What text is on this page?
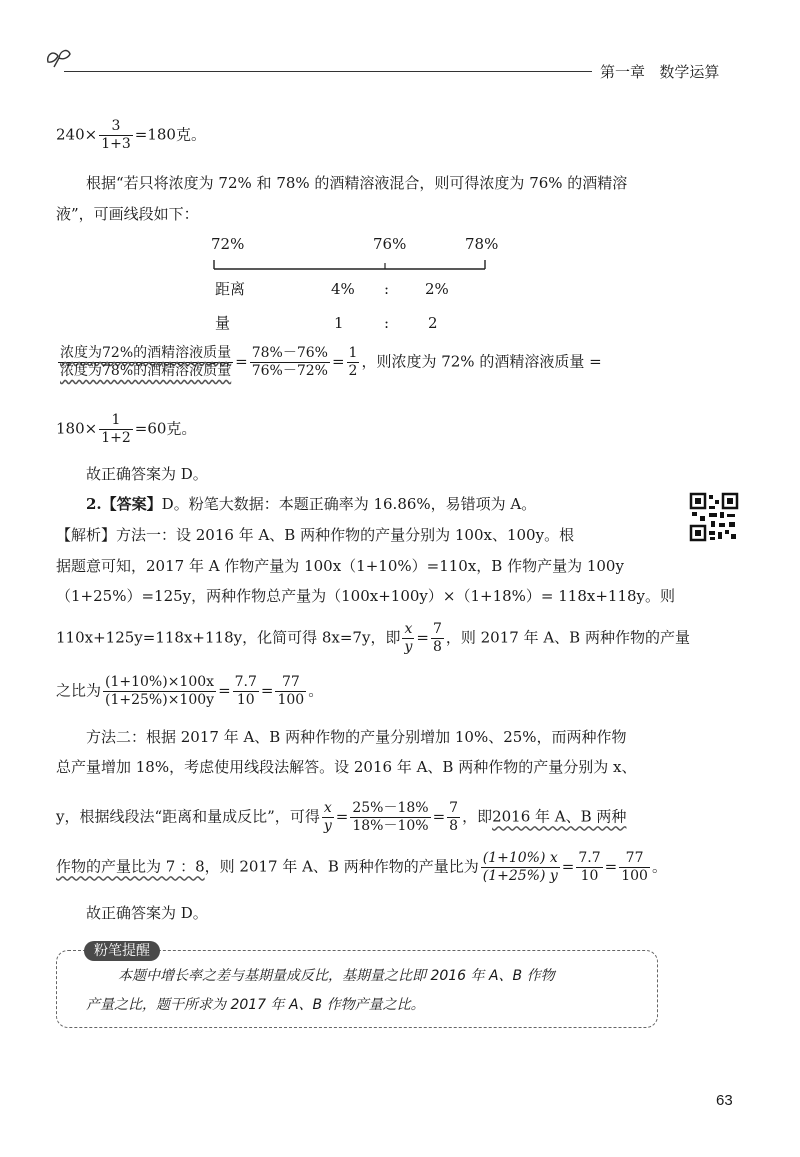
第一章 数学运算
$240\times \frac{3}{1+3} =180$克。
根据“若只将浓度为 72% 和 78% 的酒精溶液混合，则可得浓度为 76% 的酒精溶
液”，可画线段如下：
72%	76%	78%
距离	4% : 2%
量	1	:	2
$\frac{\text{浓度为72\%的酒精溶液质量}}{\text{浓度为78\%的酒精溶液质量}} = \frac{78\%-76\%}{76\%-72\%} = \frac{1}{2}$ ，则浓度为 72% 的酒精溶液质量 =
$180\times \frac{1}{1+2} =60$克。
故正确答案为 D。
2.【答案】D。粉笔大数据：本题正确率为 16.86%，易错项为 A。
【解析】方法一：设 2016 年 A、B 两种作物的产量分别为 100x、100y。根
据题意可知，2017 年 A 作物产量为 100x（1+10%）=110x，B 作物产量为 100y
（1+25%）=125y，两种作物总产量为（100x+100y）×（1+18%）= 118x+118y。则
110x+125y=118x+118y，化简可得 8x=7y，即 $\frac{x}{y} = \frac{7}{8}$ ，则 2017 年 A、B 两种作物的产量
之比为 $\frac{(1+10\%)\times 100x}{(1+25\%)\times 100y} = \frac{7.7}{10} = \frac{77}{100}$ 。
方法二：根据 2017 年 A、B 两种作物的产量分别增加 10%、25%，而两种作物
总产量增加 18%，考虑使用线段法解答。设 2016 年 A、B 两种作物的产量分别为 x、
y，根据线段法“距离和量成反比”，可得 $\frac{x}{y} = \frac{25\%-18\%}{18\%-10\%} = \frac{7}{8}$ ，即2016 年 A、B 两种
作物的产量比为 7 ：8，则 2017 年 A、B 两种作物的产量比为 $\frac{(1+10\%) x}{(1+25\%) y} = \frac{7.7}{10} = \frac{77}{100}$ 。
故正确答案为 D。
粉笔提醒
本题中增长率之差与基期量成反比，基期量之比即 2016 年 A、B 作物
产量之比，题干所求为 2017 年 A、B 作物产量之比。
63
